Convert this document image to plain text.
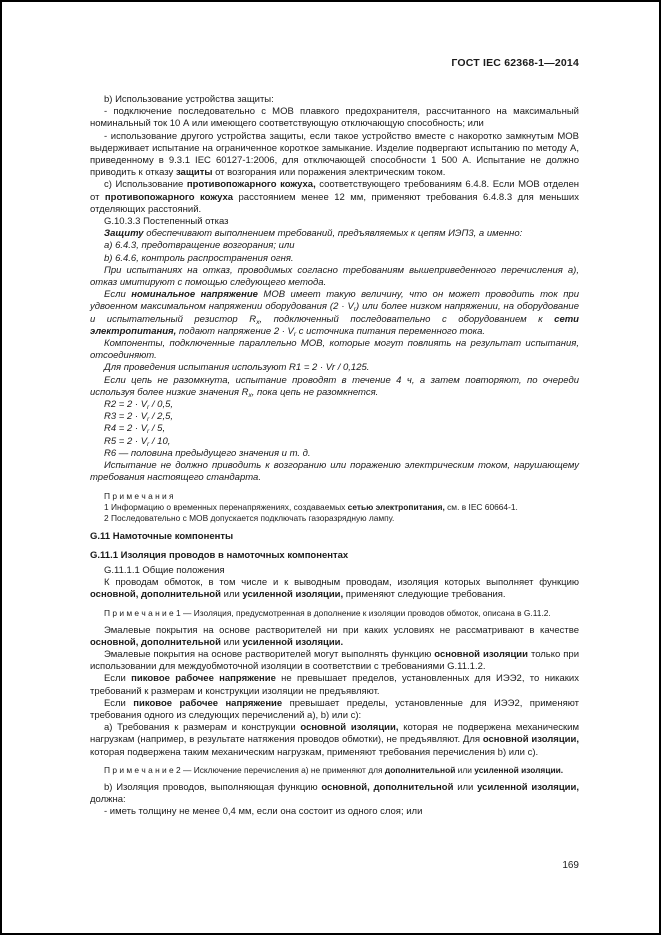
ГОСТ IEC 62368-1—2014

b) Использование устройства защиты:

- подключение последовательно с МОВ плавкого предохранителя, рассчитанного на максимальный номинальный ток 10 А или имеющего соответствующую отключающую способность; или

- использование другого устройства защиты, если такое устройство вместе с накоротко замкнутым МОВ выдерживает испытание на ограниченное короткое замыкание. Изделие подвергают испытанию по методу А, приведенному в 9.3.1 IEC 60127-1:2006, для отключающей способности 1 500 А. Испытание не должно приводить к отказу защиты от возгорания или поражения электрическим током.

c) Использование противопожарного кожуха, соответствующего требованиям 6.4.8. Если МОВ отделен от противопожарного кожуха расстоянием менее 12 мм, применяют требования 6.4.8.3 для меньших отделяющих расстояний.

G.10.3.3 Постепенный отказ

Защиту обеспечивают выполнением требований, предъявляемых к цепям ИЭП3, а именно:

a) 6.4.3, предотвращение возгорания; или

b) 6.4.6, контроль распространения огня.

При испытаниях на отказ, проводимых согласно требованиям вышеприведенного перечисления a), отказ имитируют с помощью следующего метода.

Если номинальное напряжение МОВ имеет такую величину, что он может проводить ток при удвоенном максимальном напряжении оборудования $(2 \cdot V_r)$ или более низком напряжении, на оборудование и испытательный резистор $R_x$, подключенный последовательно с оборудованием к сети электропитания, подают напряжение $2 \cdot V_r$ с источника питания переменного тока.

Компоненты, подключенные параллельно МОВ, которые могут повлиять на результат испытания, отсоединяют.

Для проведения испытания используют R1 = 2 · Vr / 0,125.

Если цепь не разомкнута, испытание проводят в течение 4 ч, а затем повторяют, по очереди используя более низкие значения $R_x$, пока цепь не разомкнется.

$R2 = 2 \cdot V_r / 0,5$,

$R3 = 2 \cdot V_r / 2,5$,

$R4 = 2 \cdot V_r / 5$,

$R5 = 2 \cdot V_r / 10$,

R6 — половина предыдущего значения и т. д.

Испытание не должно приводить к возгоранию или поражению электрическим током, нарушающему требования настоящего стандарта.

П р и м е ч а н и я

1 Информацию о временных перенапряжениях, создаваемых сетью электропитания, см. в IEC 60664-1.

2 Последовательно с МОВ допускается подключать газоразрядную лампу.

G.11 Намоточные компоненты

G.11.1 Изоляция проводов в намоточных компонентах

G.11.1.1 Общие положения

К проводам обмоток, в том числе и к выводным проводам, изоляция которых выполняет функцию основной, дополнительной или усиленной изоляции, применяют следующие требования.

П р и м е ч а н и е 1 — Изоляция, предусмотренная в дополнение к изоляции проводов обмоток, описана в G.11.2.

Эмалевые покрытия на основе растворителей ни при каких условиях не рассматривают в качестве основной, дополнительной или усиленной изоляции.

Эмалевые покрытия на основе растворителей могут выполнять функцию основной изоляции только при использовании для междуобмоточной изоляции в соответствии с требованиями G.11.1.2.

Если пиковое рабочее напряжение не превышает пределов, установленных для ИЭЭ2, то никаких требований к размерам и конструкции изоляции не предъявляют.

Если пиковое рабочее напряжение превышает пределы, установленные для ИЭЭ2, применяют требования одного из следующих перечислений a), b) или c):

a) Требования к размерам и конструкции основной изоляции, которая не подвержена механическим нагрузкам (например, в результате натяжения проводов обмотки), не предъявляют. Для основной изоляции, которая подвержена таким механическим нагрузкам, применяют требования перечисления b) или c).

П р и м е ч а н и е 2 — Исключение перечисления a) не применяют для дополнительной или усиленной изоляции.

b) Изоляция проводов, выполняющая функцию основной, дополнительной или усиленной изоляции, должна:

- иметь толщину не менее 0,4 мм, если она состоит из одного слоя; или

169
